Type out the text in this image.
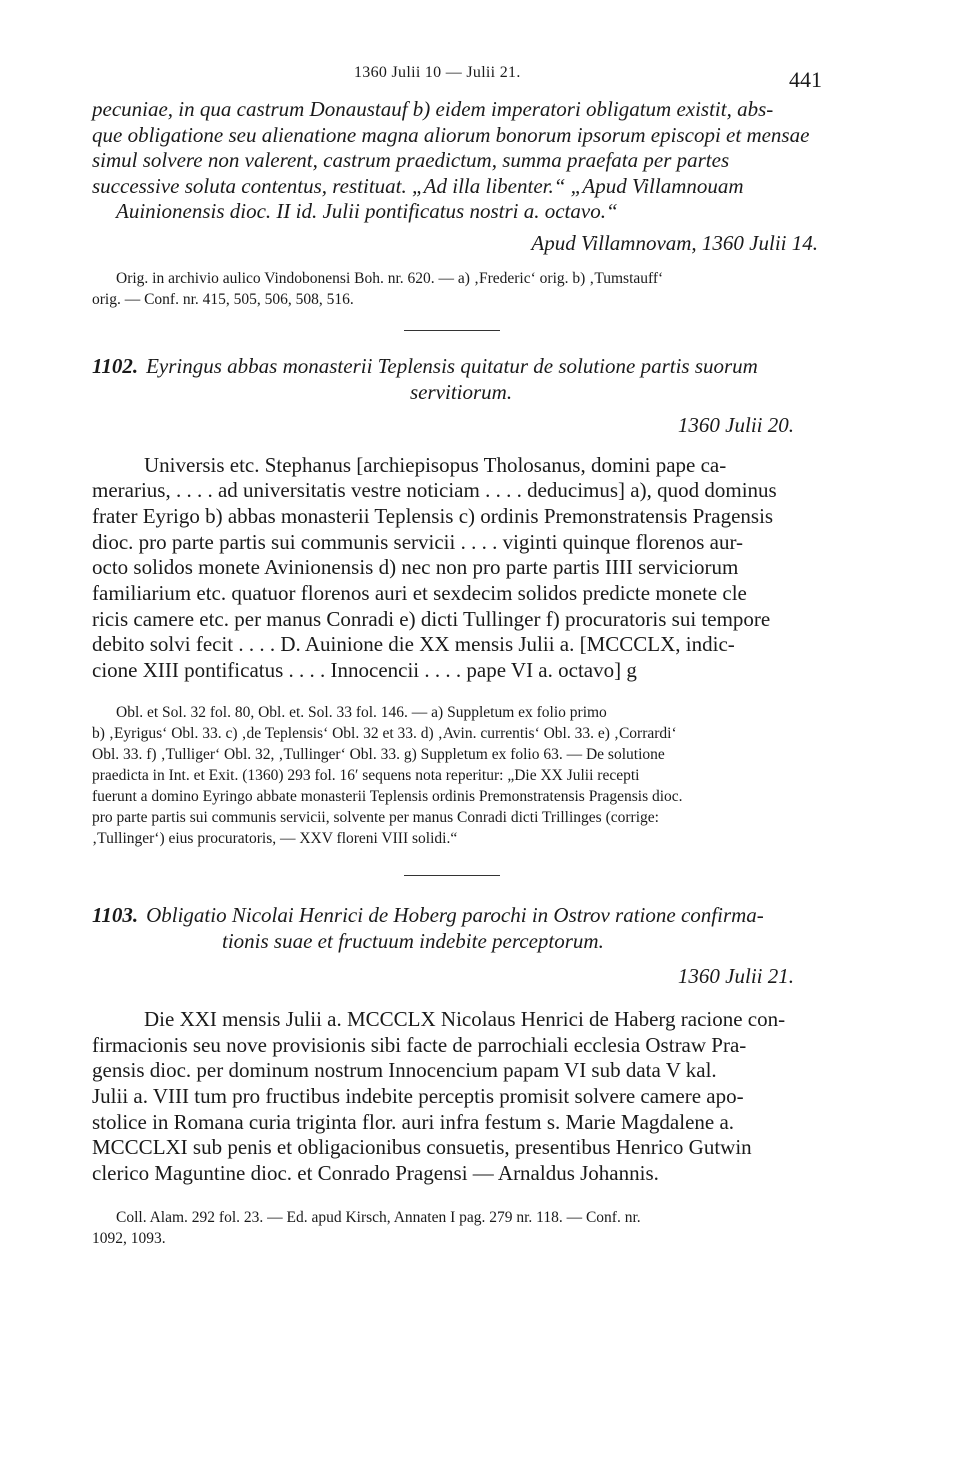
1360 Julii 10 — Julii 21.	441

pecuniae, in qua castrum Donaustauf b) eidem imperatori obligatum existit, abs-

que obligatione seu alienatione magna aliorum bonorum ipsorum episcopi et mensae

simul solvere non valerent, castrum praedictum, summa praefata per partes

successive soluta contentus, restituat. „Ad illa libenter.“ „Apud Villamnouam

Auinionensis dioc. II id. Julii pontificatus nostri a. octavo.“

Apud Villamnovam, 1360 Julii 14.

Orig. in archivio aulico Vindobonensi Boh. nr. 620. — a) ‚Frederic‘ orig. b) ‚Tumstauff‘

orig. — Conf. nr. 415, 505, 506, 508, 516.

1102. Eyringus abbas monasterii Teplensis quitatur de solutione partis suorum

servitiorum.

1360 Julii 20.

Universis etc. Stephanus [archiepisopus Tholosanus, domini pape ca-

merarius, . . . . ad universitatis vestre noticiam . . . . deducimus] a), quod dominus

frater Eyrigo b) abbas monasterii Teplensis c) ordinis Premonstratensis Pragensis

dioc. pro parte partis sui communis servicii . . . . viginti quinque florenos aur-

octo solidos monete Avinionensis d) nec non pro parte partis IIII serviciorum

familiarium etc. quatuor florenos auri et sexdecim solidos predicte monete cle

ricis camere etc. per manus Conradi e) dicti Tullinger f) procuratoris sui tempore

debito solvi fecit . . . . D. Auinione die XX mensis Julii a. [MCCCLX, indic-

cione XIII pontificatus . . . . Innocencii . . . . pape VI a. octavo] g

Obl. et Sol. 32 fol. 80, Obl. et. Sol. 33 fol. 146. — a) Suppletum ex folio primo

b) ‚Eyrigus‘ Obl. 33. c) ‚de Teplensis‘ Obl. 32 et 33. d) ‚Avin. currentis‘ Obl. 33. e) ‚Corrardi‘

Obl. 33. f) ‚Tulliger‘ Obl. 32, ‚Tullinger‘ Obl. 33. g) Suppletum ex folio 63. — De solutione

praedicta in Int. et Exit. (1360) 293 fol. 16′ sequens nota reperitur: „Die XX Julii recepti

fuerunt a domino Eyringo abbate monasterii Teplensis ordinis Premonstratensis Pragensis dioc.

pro parte partis sui communis servicii, solvente per manus Conradi dicti Trillinges (corrige:

‚Tullinger‘) eius procuratoris, — XXV floreni VIII solidi.“

1103. Obligatio Nicolai Henrici de Hoberg parochi in Ostrov ratione confirma-

tionis suae et fructuum indebite perceptorum.

1360 Julii 21.

Die XXI mensis Julii a. MCCCLX Nicolaus Henrici de Haberg racione con-

firmacionis seu nove provisionis sibi facte de parrochiali ecclesia Ostraw Pra-

gensis dioc. per dominum nostrum Innocencium papam VI sub data V kal.

Julii a. VIII tum pro fructibus indebite perceptis promisit solvere camere apo-

stolice in Romana curia triginta flor. auri infra festum s. Marie Magdalene a.

MCCCLXI sub penis et obligacionibus consuetis, presentibus Henrico Gutwin

clerico Maguntine dioc. et Conrado Pragensi — Arnaldus Johannis.

Coll. Alam. 292 fol. 23. — Ed. apud Kirsch, Annaten I pag. 279 nr. 118. — Conf. nr.

1092, 1093.
